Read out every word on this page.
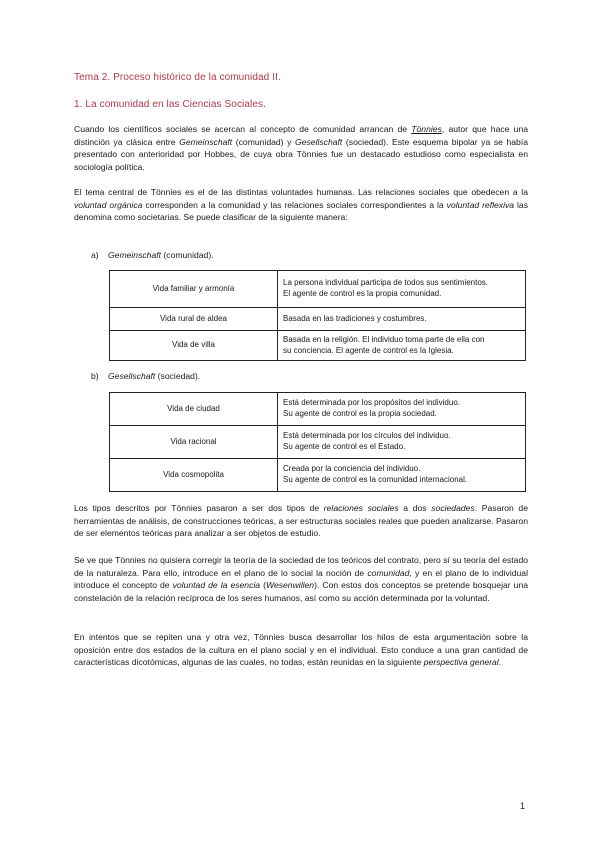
Tema 2. Proceso histórico de la comunidad II.
1. La comunidad en las Ciencias Sociales.

Cuando los científicos sociales se acercan al concepto de comunidad arrancan de Tönnies, autor que hace una distinción ya clásica entre Gemeinschaft (comunidad) y Gesellschaft (sociedad). Este esquema bipolar ya se había presentado con anterioridad por Hobbes, de cuya obra Tönnies fue un destacado estudioso como especialista en sociología política.

El tema central de Tönnies es el de las distintas voluntades humanas. Las relaciones sociales que obedecen a la voluntad orgánica corresponden a la comunidad y las relaciones sociales correspondientes a la voluntad reflexiva las denomina como societarias. Se puede clasificar de la siguiente manera:

a) Gemeinschaft (comunidad).
Vida familiar y armonía	La persona individual participa de todos sus sentimientos.
El agente de control es la propia comunidad.
Vida rural de aldea	Basada en las tradiciones y costumbres.
Vida de villa	Basada en la religión. El individuo toma parte de ella con
su conciencia. El agente de control es la Iglesia.
b) Gesellschaft (sociedad).
Vida de ciudad	Está determinada por los propósitos del individuo.
Su agente de control es la propia sociedad.
Vida racional	Está determinada por los círculos del individuo.
Su agente de control es el Estado.
Vida cosmopolita	Creada por la conciencia del individuo.
Su agente de control es la comunidad internacional.

Los tipos descritos por Tönnies pasaron a ser dos tipos de relaciones sociales a dos sociedades. Pasaron de herramientas de análisis, de construcciones teóricas, a ser estructuras sociales reales que pueden analizarse. Pasaron de ser elementos teóricas para analizar a ser objetos de estudio.

Se ve que Tönnies no quisiera corregir la teoría de la sociedad de los teóricos del contrato, pero sí su teoría del estado de la naturaleza. Para ello, introduce en el plano de lo social la noción de comunidad, y en el plano de lo individual introduce el concepto de voluntad de la esencia (Wesenwillen). Con estos dos conceptos se pretende bosquejar una constelación de la relación recíproca de los seres humanos, así como su acción determinada por la voluntad.

En intentos que se repiten una y otra vez, Tönnies busca desarrollar los hilos de esta argumentación sobre la oposición entre dos estados de la cultura en el plano social y en el individual. Esto conduce a una gran cantidad de características dicotómicas, algunas de las cuales, no todas, están reunidas en la siguiente perspectiva general.

1
